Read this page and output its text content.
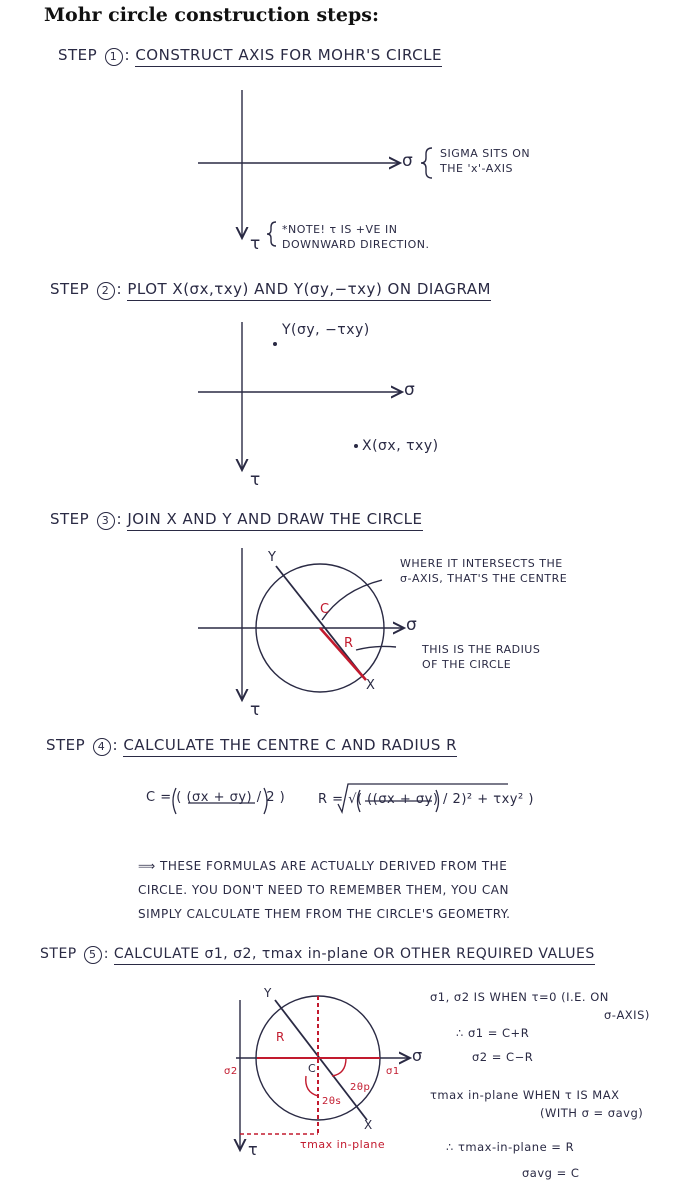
Mohr circle construction steps:
STEP 1 : CONSTRUCT AXIS FOR MOHR'S CIRCLE
σ
τ
SIGMA SITS ON
THE 'x'-AXIS
*NOTE! τ IS +VE IN
DOWNWARD DIRECTION.
STEP 2 : PLOT X(σx,τxy) AND Y(σy,−τxy) ON DIAGRAM
Y(σy, −τxy)
X(σx, τxy)
σ
τ
STEP 3 : JOIN X AND Y AND DRAW THE CIRCLE
Y
X
C
R
σ
τ
WHERE IT INTERSECTS THE
σ-AXIS, THAT'S THE CENTRE
THIS IS THE RADIUS
OF THE CIRCLE
STEP 4 : CALCULATE THE CENTRE C AND RADIUS R
C = ( (σx + σy) / 2 )	R = √( ((σx + σy) / 2)² + τxy² )
⟹ THESE FORMULAS ARE ACTUALLY DERIVED FROM THE
CIRCLE. YOU DON'T NEED TO REMEMBER THEM, YOU CAN
SIMPLY CALCULATE THEM FROM THE CIRCLE'S GEOMETRY.
STEP 5 : CALCULATE σ1, σ2, τmax in-plane OR OTHER REQUIRED VALUES
Y
X
C
R
σ
τ
σ2	σ1
2θp
2θs
τmax in-plane
σ1, σ2 IS WHEN τ=0 (I.E. ON
σ-AXIS)
∴ σ1 = C+R
σ2 = C−R
τmax in-plane WHEN τ IS MAX
(WITH σ = σavg)
∴ τmax-in-plane = R
σavg = C
